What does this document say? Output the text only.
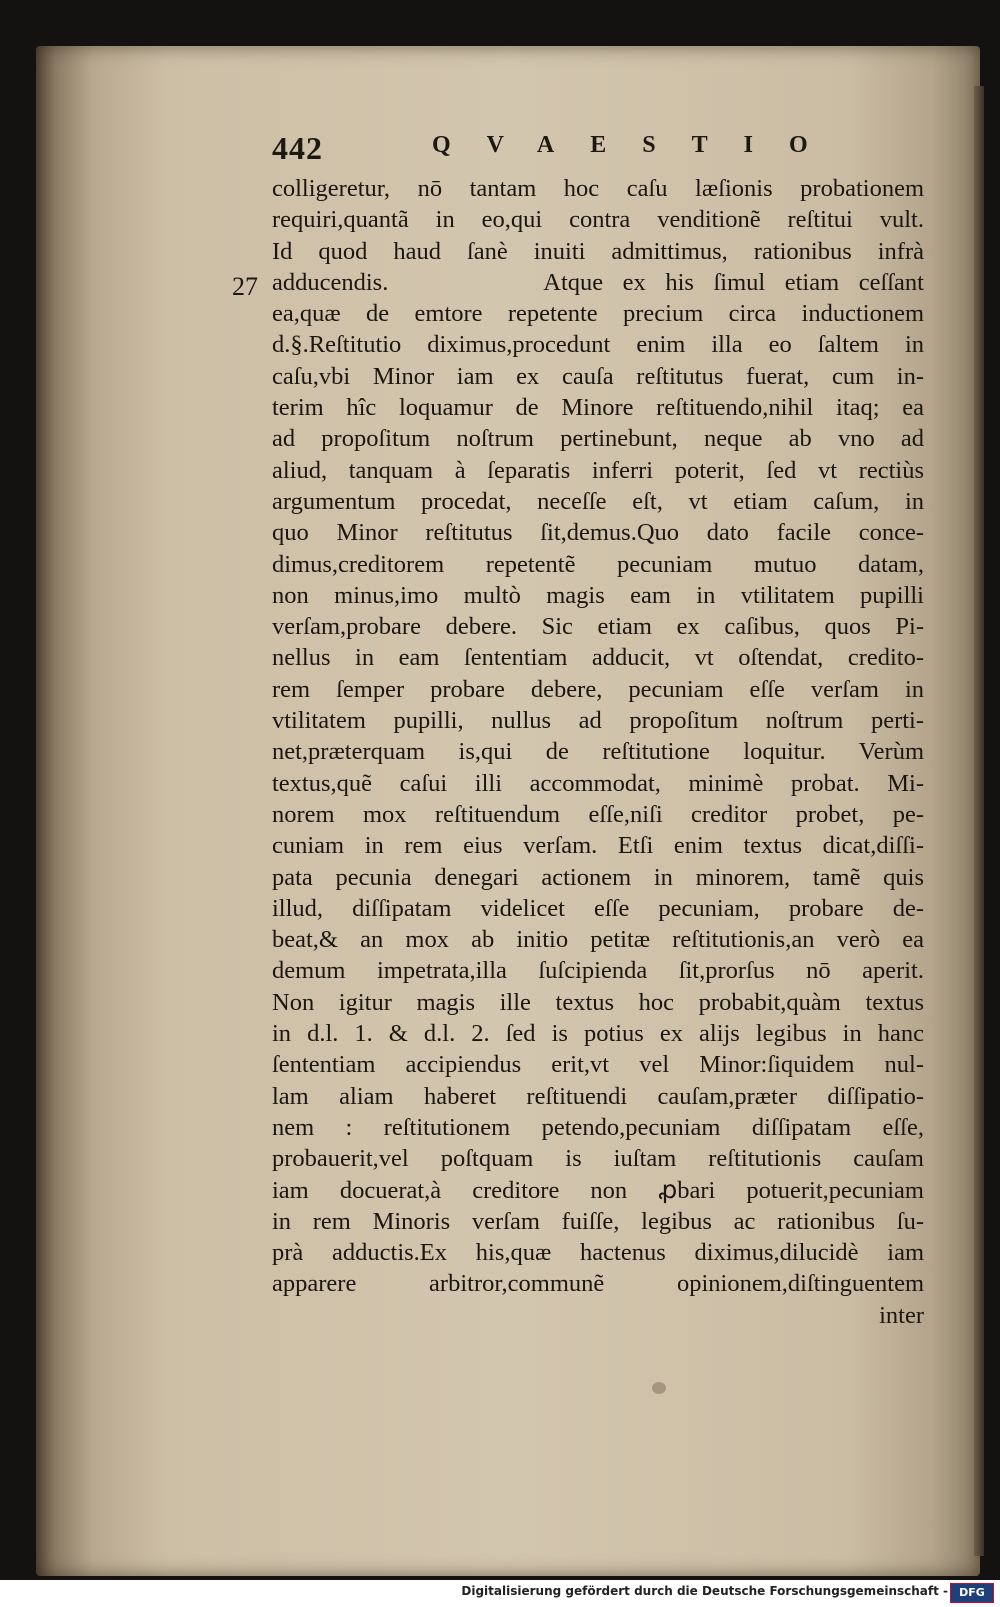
442	QVAESTIO
27
colligeretur, nō tantam hoc caſu læſionis probationem
requiri,quantã in eo,qui contra venditionẽ reſtitui vult.
Id quod haud ſanè inuiti admittimus, rationibus infrà
adducendis.        Atque ex his ſimul etiam ceſſant
ea,quæ de emtore repetente precium circa inductionem
d.§.Reſtitutio diximus,procedunt enim illa eo ſaltem in
caſu,vbi Minor iam ex cauſa reſtitutus fuerat, cum in-
terim hîc loquamur de Minore reſtituendo,nihil itaq; ea
ad propoſitum noſtrum pertinebunt, neque ab vno ad
aliud, tanquam à ſeparatis inferri poterit, ſed vt rectiùs
argumentum procedat, neceſſe eſt, vt etiam caſum, in
quo Minor reſtitutus ſit,demus.Quo dato facile conce-
dimus,creditorem repetentẽ pecuniam mutuo datam,
non minus,imo multò magis eam in vtilitatem pupilli
verſam,probare debere. Sic etiam ex caſibus, quos Pi-
nellus in eam ſententiam adducit, vt oſtendat, credito-
rem ſemper probare debere, pecuniam eſſe verſam in
vtilitatem pupilli, nullus ad propoſitum noſtrum perti-
net,præterquam is,qui de reſtitutione loquitur. Verùm
textus,quẽ caſui illi accommodat, minimè probat. Mi-
norem mox reſtituendum eſſe,niſi creditor probet, pe-
cuniam in rem eius verſam. Etſi enim textus dicat,diſſi-
pata pecunia denegari actionem in minorem, tamẽ quis
illud, diſſipatam videlicet eſſe pecuniam, probare de-
beat,& an mox ab initio petitæ reſtitutionis,an verò ea
demum impetrata,illa ſuſcipienda ſit,prorſus nō aperit.
Non igitur magis ille textus hoc probabit,quàm textus
in d.l. 1. & d.l. 2. ſed is potius ex alijs legibus in hanc
ſententiam accipiendus erit,vt vel Minor:ſiquidem nul-
lam aliam haberet reſtituendi cauſam,præter diſſipatio-
nem : reſtitutionem petendo,pecuniam diſſipatam eſſe,
probauerit,vel poſtquam is iuſtam reſtitutionis cauſam
iam docuerat,à creditore non ꝓbari potuerit,pecuniam
in rem Minoris verſam fuiſſe, legibus ac rationibus ſu-
prà adductis.Ex his,quæ hactenus diximus,dilucidè iam
apparere arbitror,communẽ opinionem,diſtinguentem
inter
Digitalisierung gefördert durch die Deutsche Forschungsgemeinschaft -	DFG
